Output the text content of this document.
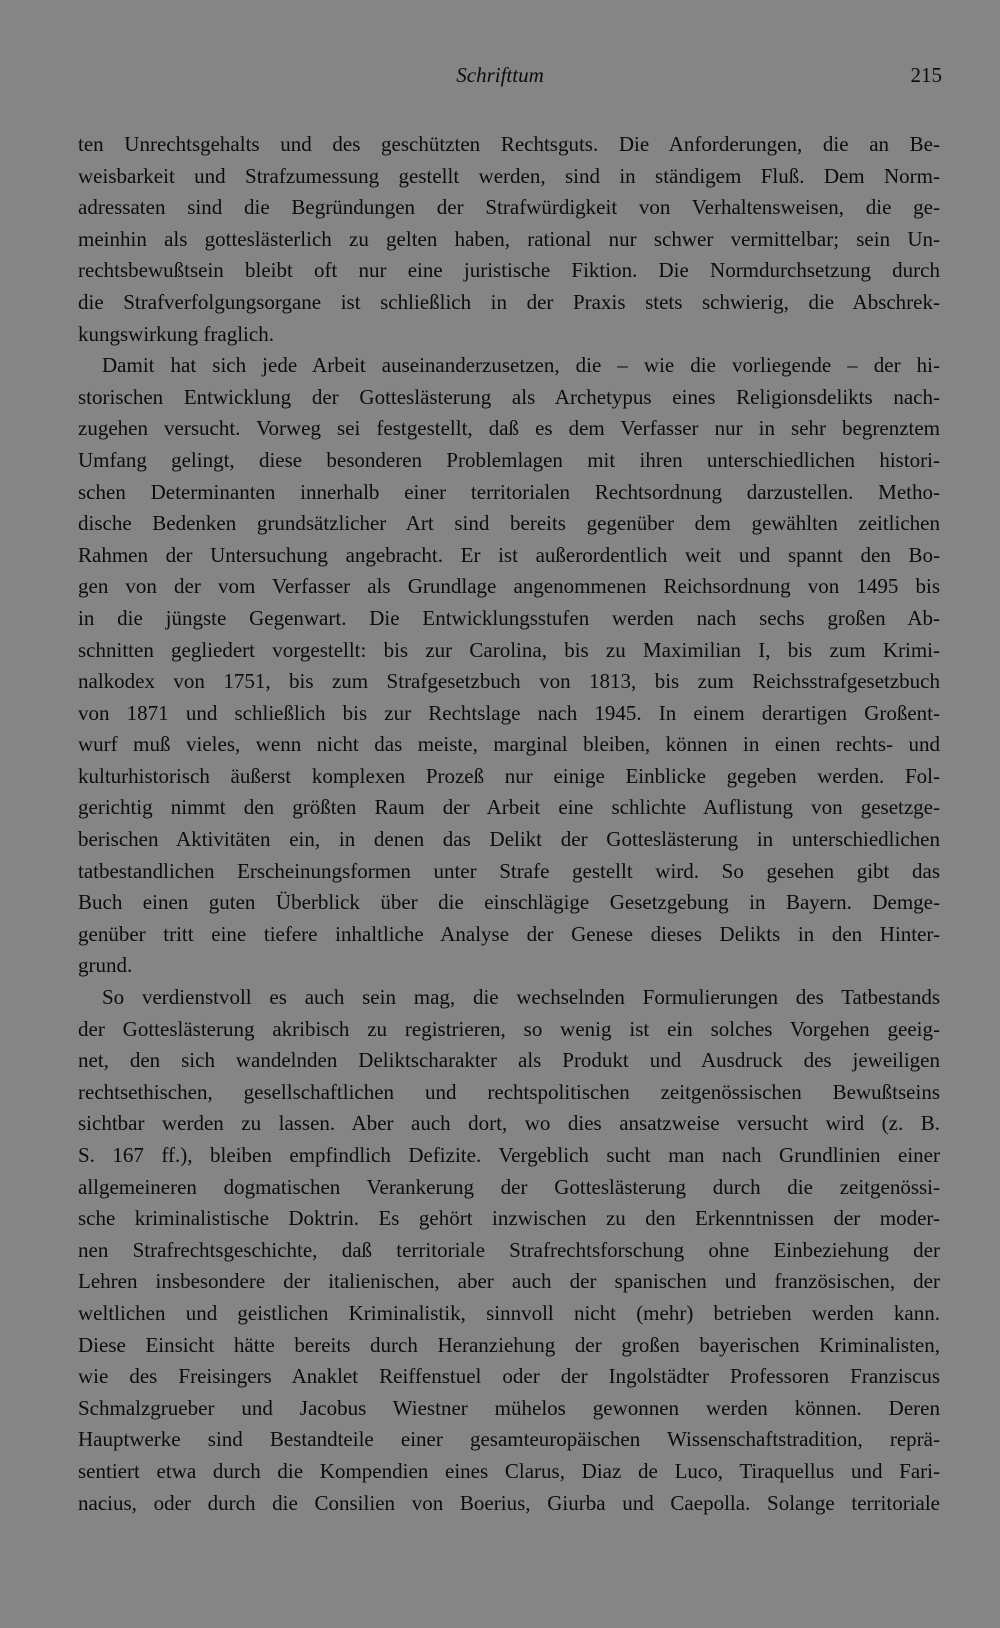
Schrifttum	215
ten Unrechtsgehalts und des geschützten Rechtsguts. Die Anforderungen, die an Be-
weisbarkeit und Strafzumessung gestellt werden, sind in ständigem Fluß. Dem Norm-
adressaten sind die Begründungen der Strafwürdigkeit von Verhaltensweisen, die ge-
meinhin als gotteslästerlich zu gelten haben, rational nur schwer vermittelbar; sein Un-
rechtsbewußtsein bleibt oft nur eine juristische Fiktion. Die Normdurchsetzung durch
die Strafverfolgungsorgane ist schließlich in der Praxis stets schwierig, die Abschrek-
kungswirkung fraglich.
Damit hat sich jede Arbeit auseinanderzusetzen, die – wie die vorliegende – der hi-
storischen Entwicklung der Gotteslästerung als Archetypus eines Religionsdelikts nach-
zugehen versucht. Vorweg sei festgestellt, daß es dem Verfasser nur in sehr begrenztem
Umfang gelingt, diese besonderen Problemlagen mit ihren unterschiedlichen histori-
schen Determinanten innerhalb einer territorialen Rechtsordnung darzustellen. Metho-
dische Bedenken grundsätzlicher Art sind bereits gegenüber dem gewählten zeitlichen
Rahmen der Untersuchung angebracht. Er ist außerordentlich weit und spannt den Bo-
gen von der vom Verfasser als Grundlage angenommenen Reichsordnung von 1495 bis
in die jüngste Gegenwart. Die Entwicklungsstufen werden nach sechs großen Ab-
schnitten gegliedert vorgestellt: bis zur Carolina, bis zu Maximilian I, bis zum Krimi-
nalkodex von 1751, bis zum Strafgesetzbuch von 1813, bis zum Reichsstrafgesetzbuch
von 1871 und schließlich bis zur Rechtslage nach 1945. In einem derartigen Großent-
wurf muß vieles, wenn nicht das meiste, marginal bleiben, können in einen rechts- und
kulturhistorisch äußerst komplexen Prozeß nur einige Einblicke gegeben werden. Fol-
gerichtig nimmt den größten Raum der Arbeit eine schlichte Auflistung von gesetzge-
berischen Aktivitäten ein, in denen das Delikt der Gotteslästerung in unterschiedlichen
tatbestandlichen Erscheinungsformen unter Strafe gestellt wird. So gesehen gibt das
Buch einen guten Überblick über die einschlägige Gesetzgebung in Bayern. Demge-
genüber tritt eine tiefere inhaltliche Analyse der Genese dieses Delikts in den Hinter-
grund.
So verdienstvoll es auch sein mag, die wechselnden Formulierungen des Tatbestands
der Gotteslästerung akribisch zu registrieren, so wenig ist ein solches Vorgehen geeig-
net, den sich wandelnden Deliktscharakter als Produkt und Ausdruck des jeweiligen
rechtsethischen, gesellschaftlichen und rechtspolitischen zeitgenössischen Bewußtseins
sichtbar werden zu lassen. Aber auch dort, wo dies ansatzweise versucht wird (z. B.
S. 167 ff.), bleiben empfindlich Defizite. Vergeblich sucht man nach Grundlinien einer
allgemeineren dogmatischen Verankerung der Gotteslästerung durch die zeitgenössi-
sche kriminalistische Doktrin. Es gehört inzwischen zu den Erkenntnissen der moder-
nen Strafrechtsgeschichte, daß territoriale Strafrechtsforschung ohne Einbeziehung der
Lehren insbesondere der italienischen, aber auch der spanischen und französischen, der
weltlichen und geistlichen Kriminalistik, sinnvoll nicht (mehr) betrieben werden kann.
Diese Einsicht hätte bereits durch Heranziehung der großen bayerischen Kriminalisten,
wie des Freisingers Anaklet Reiffenstuel oder der Ingolstädter Professoren Franziscus
Schmalzgrueber und Jacobus Wiestner mühelos gewonnen werden können. Deren
Hauptwerke sind Bestandteile einer gesamteuropäischen Wissenschaftstradition, reprä-
sentiert etwa durch die Kompendien eines Clarus, Diaz de Luco, Tiraquellus und Fari-
nacius, oder durch die Consilien von Boerius, Giurba und Caepolla. Solange territoriale
